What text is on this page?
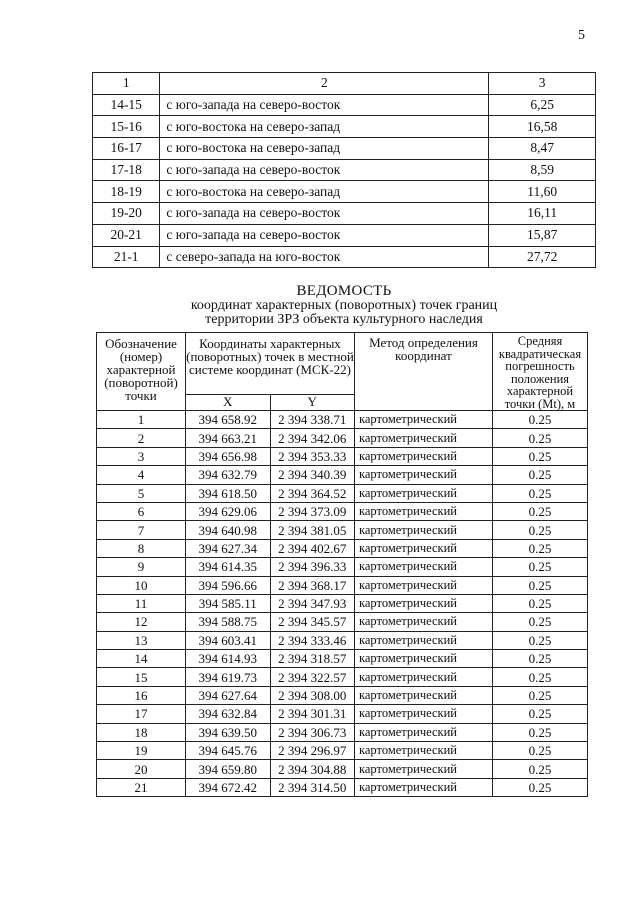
5
1	2	3
14-15	с юго-запада на северо-восток	6,25
15-16	с юго-востока на северо-запад	16,58
16-17	с юго-востока на северо-запад	8,47
17-18	с юго-запада на северо-восток	8,59
18-19	с юго-востока на северо-запад	11,60
19-20	с юго-запада на северо-восток	16,11
20-21	с юго-запада на северо-восток	15,87
21-1	с северо-запада на юго-восток	27,72
ВЕДОМОСТЬ
координат характерных (поворотных) точек границ
территории ЗРЗ объекта культурного наследия
Обозначение (номер) характерной (поворотной) точки	Координаты характерных (поворотных) точек в местной системе координат (МСК-22)		Метод определения координат	Средняя квадратическая погрешность положения характерной точки (Mt), м
	X	Y		
1	394 658.92	2 394 338.71	картометрический	0.25
2	394 663.21	2 394 342.06	картометрический	0.25
3	394 656.98	2 394 353.33	картометрический	0.25
4	394 632.79	2 394 340.39	картометрический	0.25
5	394 618.50	2 394 364.52	картометрический	0.25
6	394 629.06	2 394 373.09	картометрический	0.25
7	394 640.98	2 394 381.05	картометрический	0.25
8	394 627.34	2 394 402.67	картометрический	0.25
9	394 614.35	2 394 396.33	картометрический	0.25
10	394 596.66	2 394 368.17	картометрический	0.25
11	394 585.11	2 394 347.93	картометрический	0.25
12	394 588.75	2 394 345.57	картометрический	0.25
13	394 603.41	2 394 333.46	картометрический	0.25
14	394 614.93	2 394 318.57	картометрический	0.25
15	394 619.73	2 394 322.57	картометрический	0.25
16	394 627.64	2 394 308.00	картометрический	0.25
17	394 632.84	2 394 301.31	картометрический	0.25
18	394 639.50	2 394 306.73	картометрический	0.25
19	394 645.76	2 394 296.97	картометрический	0.25
20	394 659.80	2 394 304.88	картометрический	0.25
21	394 672.42	2 394 314.50	картометрический	0.25
